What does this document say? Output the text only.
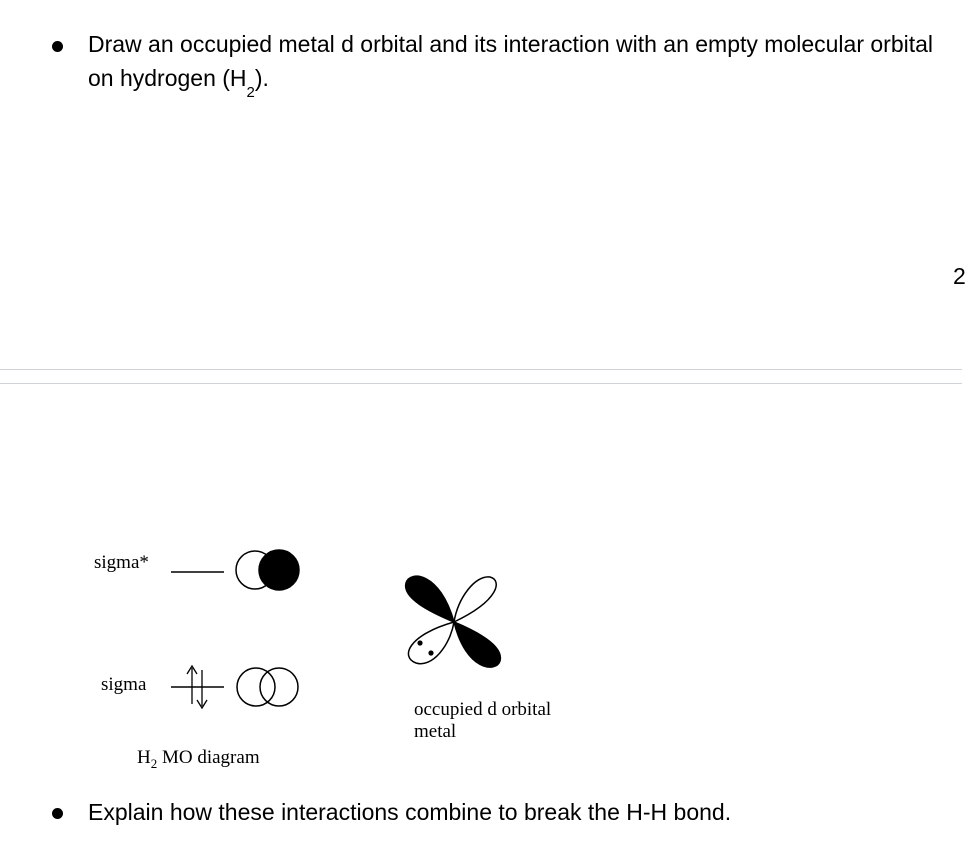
Draw an occupied metal d orbital and its interaction with an empty molecular orbital on hydrogen $(H_2)$.
2
sigma*
sigma
$H_2$ MO diagram
occupied d orbital
metal
Explain how these interactions combine to break the H-H bond.
